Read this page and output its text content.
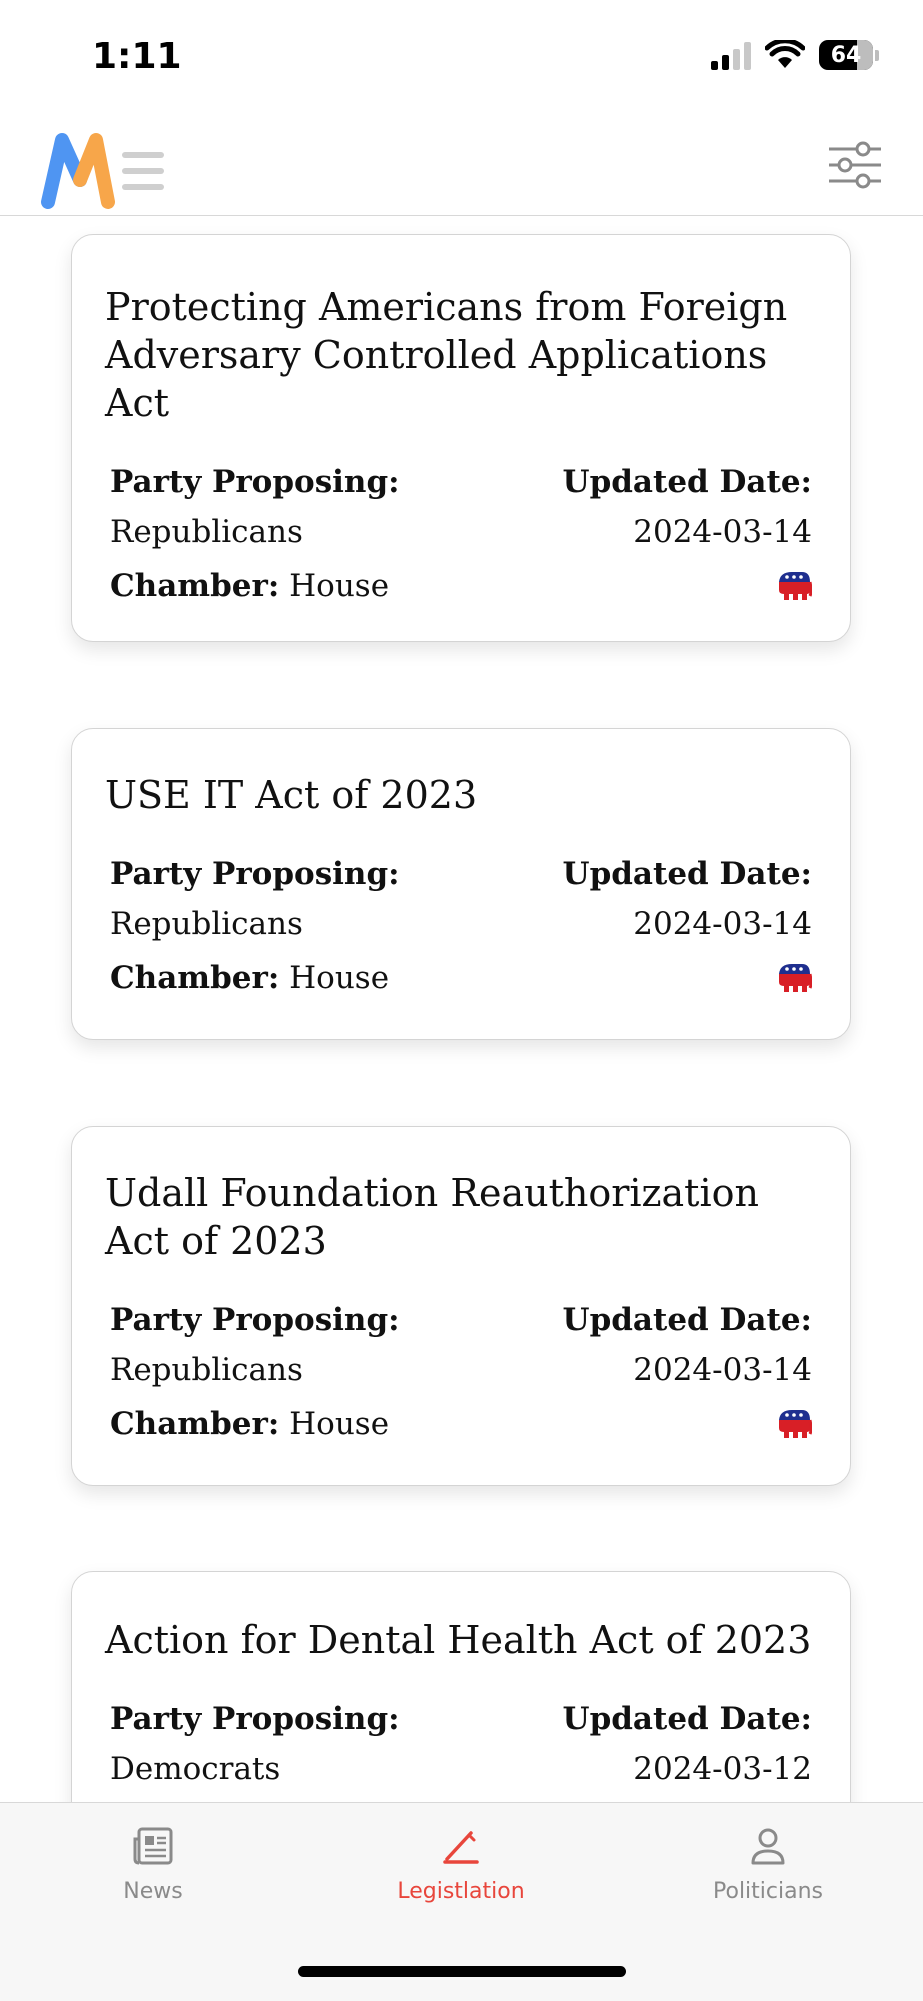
1:11	64
Protecting Americans from Foreign Adversary Controlled Applications Act
Party Proposing:	Updated Date:
Republicans	2024-03-14
Chamber: House
USE IT Act of 2023
Party Proposing:	Updated Date:
Republicans	2024-03-14
Chamber: House
Udall Foundation Reauthorization Act of 2023
Party Proposing:	Updated Date:
Republicans	2024-03-14
Chamber: House
Action for Dental Health Act of 2023
Party Proposing:	Updated Date:
Democrats	2024-03-12
News	Legistlation	Politicians
